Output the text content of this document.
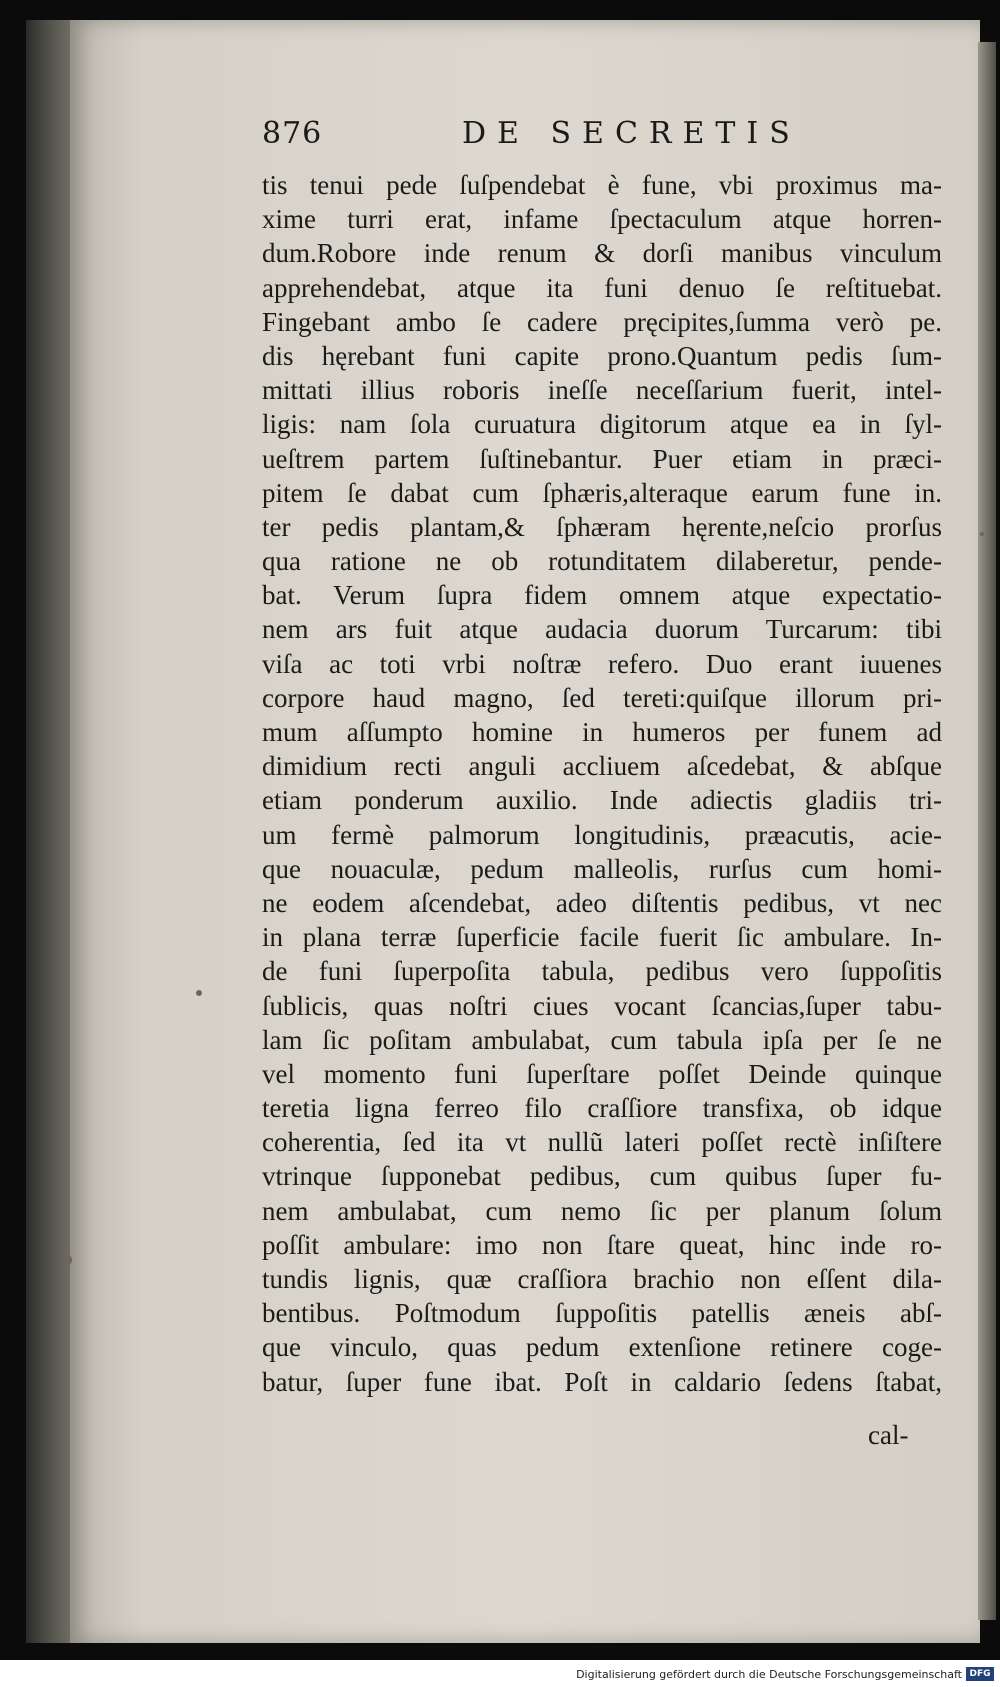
876	DE SECRETIS
tis tenui pede ſuſpendebat è fune, vbi proximus ma-
xime turri erat, infame ſpectaculum atque horren-
dum.Robore inde renum & dorſi manibus vinculum
apprehendebat, atque ita funi denuo ſe reſtituebat.
Fingebant ambo ſe cadere pręcipites,ſumma verò pe.
dis hęrebant funi capite prono.Quantum pedis ſum-
mittati illius roboris ineſſe neceſſarium fuerit, intel-
ligis: nam ſola curuatura digitorum atque ea in ſyl-
ueſtrem partem ſuſtinebantur. Puer etiam in præci-
pitem ſe dabat cum ſphæris,alteraque earum fune in.
ter pedis plantam,& ſphæram hęrente,neſcio prorſus
qua ratione ne ob rotunditatem dilaberetur, pende-
bat. Verum ſupra fidem omnem atque expectatio-
nem ars fuit atque audacia duorum Turcarum: tibi
viſa ac toti vrbi noſtræ refero. Duo erant iuuenes
corpore haud magno, ſed tereti:quiſque illorum pri-
mum aſſumpto homine in humeros per funem ad
dimidium recti anguli accliuem aſcedebat, & abſque
etiam ponderum auxilio. Inde adiectis gladiis tri-
um fermè palmorum longitudinis, præacutis, acie-
que nouaculæ, pedum malleolis, rurſus cum homi-
ne eodem aſcendebat, adeo diſtentis pedibus, vt nec
in plana terræ ſuperficie facile fuerit ſic ambulare. In-
de funi ſuperpoſita tabula, pedibus vero ſuppoſitis
ſublicis, quas noſtri ciues vocant ſcancias,ſuper tabu-
lam ſic poſitam ambulabat, cum tabula ipſa per ſe ne
vel momento funi ſuperſtare poſſet Deinde quinque
teretia ligna ferreo filo craſſiore transfixa, ob idque
coherentia, ſed ita vt nullũ lateri poſſet rectè inſiſtere
vtrinque ſupponebat pedibus, cum quibus ſuper fu-
nem ambulabat, cum nemo ſic per planum ſolum
poſſit ambulare: imo non ſtare queat, hinc inde ro-
tundis lignis, quæ craſſiora brachio non eſſent dila-
bentibus. Poſtmodum ſuppoſitis patellis æneis abſ-
que vinculo, quas pedum extenſione retinere coge-
batur, ſuper fune ibat. Poſt in caldario ſedens ſtabat,
cal-
Digitalisierung gefördert durch die Deutsche Forschungsgemeinschaft DFG
